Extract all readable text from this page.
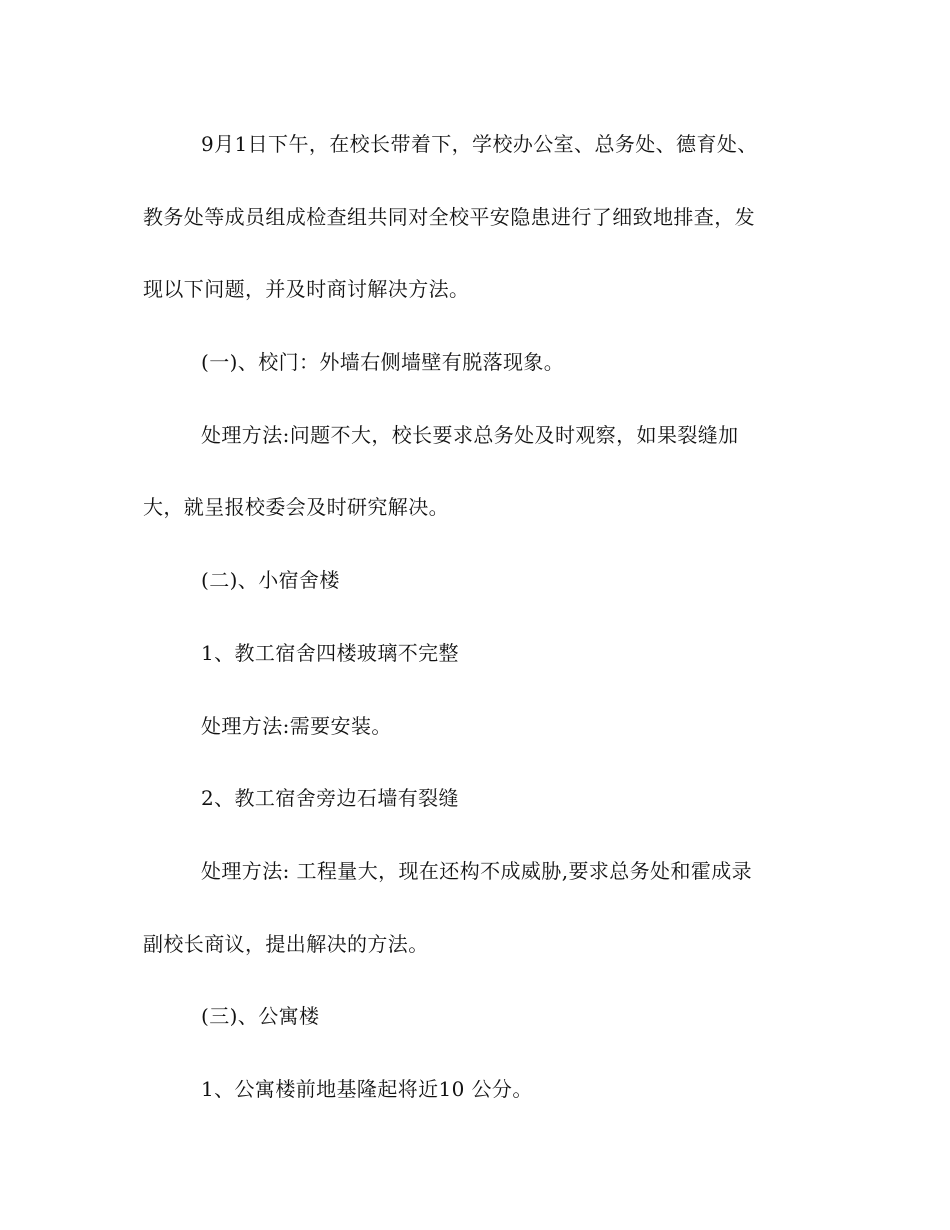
9月1日下午，在校长带着下，学校办公室、总务处、德育处、
教务处等成员组成检查组共同对全校平安隐患进行了细致地排查，发
现以下问题，并及时商讨解决方法。
(一)、校门：外墙右侧墙壁有脱落现象。
处理方法:问题不大，校长要求总务处及时观察，如果裂缝加
大，就呈报校委会及时研究解决。
(二)、小宿舍楼
1、教工宿舍四楼玻璃不完整
处理方法:需要安装。
2、教工宿舍旁边石墙有裂缝
处理方法: 工程量大，现在还构不成威胁,要求总务处和霍成录
副校长商议，提出解决的方法。
(三)、公寓楼
1、公寓楼前地基隆起将近10 公分。
